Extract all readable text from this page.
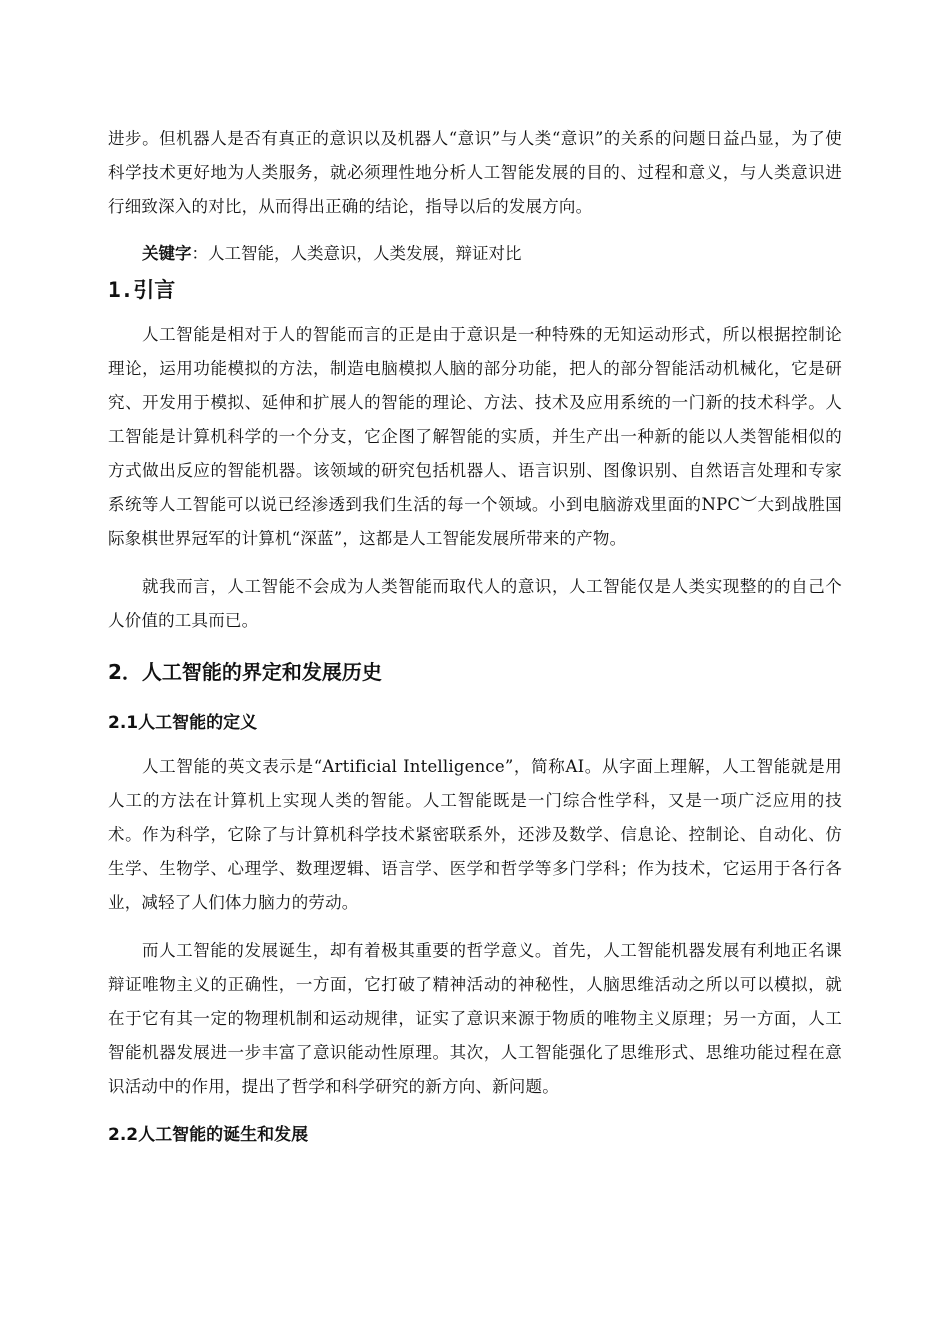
进步。但机器人是否有真正的意识以及机器人“意识”与人类“意识”的关系的问题日益凸显，为了使科学技术更好地为人类服务，就必须理性地分析人工智能发展的目的、过程和意义，与人类意识进行细致深入的对比，从而得出正确的结论，指导以后的发展方向。

关键字：人工智能，人类意识，人类发展，辩证对比

1.引言

人工智能是相对于人的智能而言的正是由于意识是一种特殊的无知运动形式，所以根据控制论理论，运用功能模拟的方法，制造电脑模拟人脑的部分功能，把人的部分智能活动机械化，它是研究、开发用于模拟、延伸和扩展人的智能的理论、方法、技术及应用系统的一门新的技术科学。人工智能是计算机科学的一个分支，它企图了解智能的实质，并生产出一种新的能以人类智能相似的方式做出反应的智能机器。该领域的研究包括机器人、语言识别、图像识别、自然语言处理和专家系统等人工智能可以说已经渗透到我们生活的每一个领域。小到电脑游戏里面的NPC︶大到战胜国际象棋世界冠军的计算机“深蓝”，这都是人工智能发展所带来的产物。

就我而言，人工智能不会成为人类智能而取代人的意识，人工智能仅是人类实现整的的自己个人价值的工具而已。

2．人工智能的界定和发展历史
2.1人工智能的定义

人工智能的英文表示是“Artificial Intelligence”，简称AI。从字面上理解，人工智能就是用人工的方法在计算机上实现人类的智能。人工智能既是一门综合性学科，又是一项广泛应用的技术。作为科学，它除了与计算机科学技术紧密联系外，还涉及数学、信息论、控制论、自动化、仿生学、生物学、心理学、数理逻辑、语言学、医学和哲学等多门学科；作为技术，它运用于各行各业，减轻了人们体力脑力的劳动。

而人工智能的发展诞生，却有着极其重要的哲学意义。首先，人工智能机器发展有利地正名课辩证唯物主义的正确性，一方面，它打破了精神活动的神秘性，人脑思维活动之所以可以模拟，就在于它有其一定的物理机制和运动规律，证实了意识来源于物质的唯物主义原理；另一方面，人工智能机器发展进一步丰富了意识能动性原理。其次，人工智能强化了思维形式、思维功能过程在意识活动中的作用，提出了哲学和科学研究的新方向、新问题。

2.2人工智能的诞生和发展
